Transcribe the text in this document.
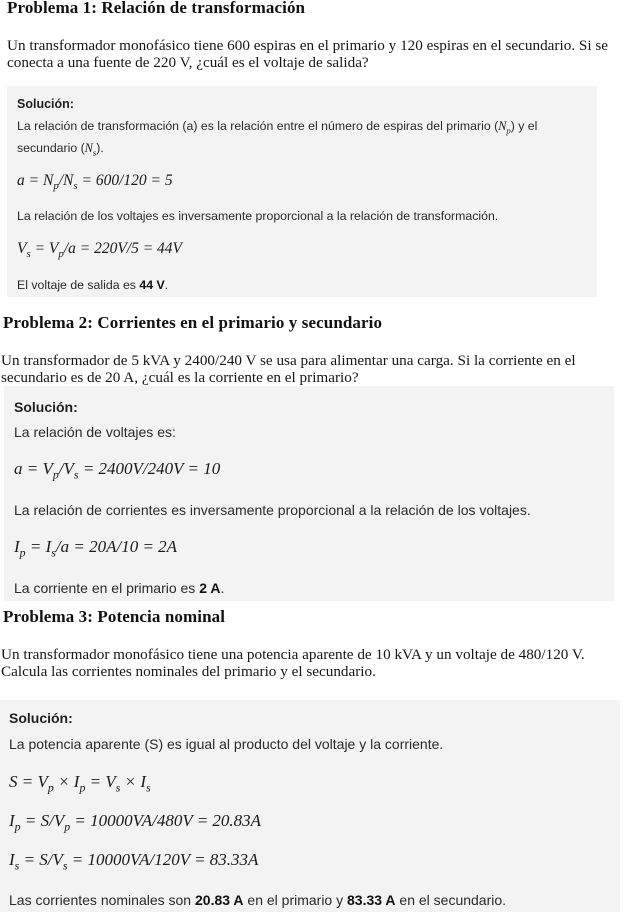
Problema 1: Relación de transformación
Un transformador monofásico tiene 600 espiras en el primario y 120 espiras en el secundario. Si se
conecta a una fuente de 220 V, ¿cuál es el voltaje de salida?
Solución:
La relación de transformación (a) es la relación entre el número de espiras del primario $(N_p)$ y el
secundario $(N_s)$.
$a = N_p/N_s = 600/120 = 5$
La relación de los voltajes es inversamente proporcional a la relación de transformación.
$V_s = V_p/a = 220V/5 = 44V$
El voltaje de salida es 44 V.
Problema 2: Corrientes en el primario y secundario
Un transformador de 5 kVA y 2400/240 V se usa para alimentar una carga. Si la corriente en el
secundario es de 20 A, ¿cuál es la corriente en el primario?
Solución:
La relación de voltajes es:
$a = V_p/V_s = 2400V/240V = 10$
La relación de corrientes es inversamente proporcional a la relación de los voltajes.
$I_p = I_s/a = 20A/10 = 2A$
La corriente en el primario es 2 A.
Problema 3: Potencia nominal
Un transformador monofásico tiene una potencia aparente de 10 kVA y un voltaje de 480/120 V.
Calcula las corrientes nominales del primario y el secundario.
Solución:
La potencia aparente (S) es igual al producto del voltaje y la corriente.
$S = V_p \times I_p = V_s \times I_s$
$I_p = S/V_p = 10000VA/480V = 20.83A$
$I_s = S/V_s = 10000VA/120V = 83.33A$
Las corrientes nominales son 20.83 A en el primario y 83.33 A en el secundario.
